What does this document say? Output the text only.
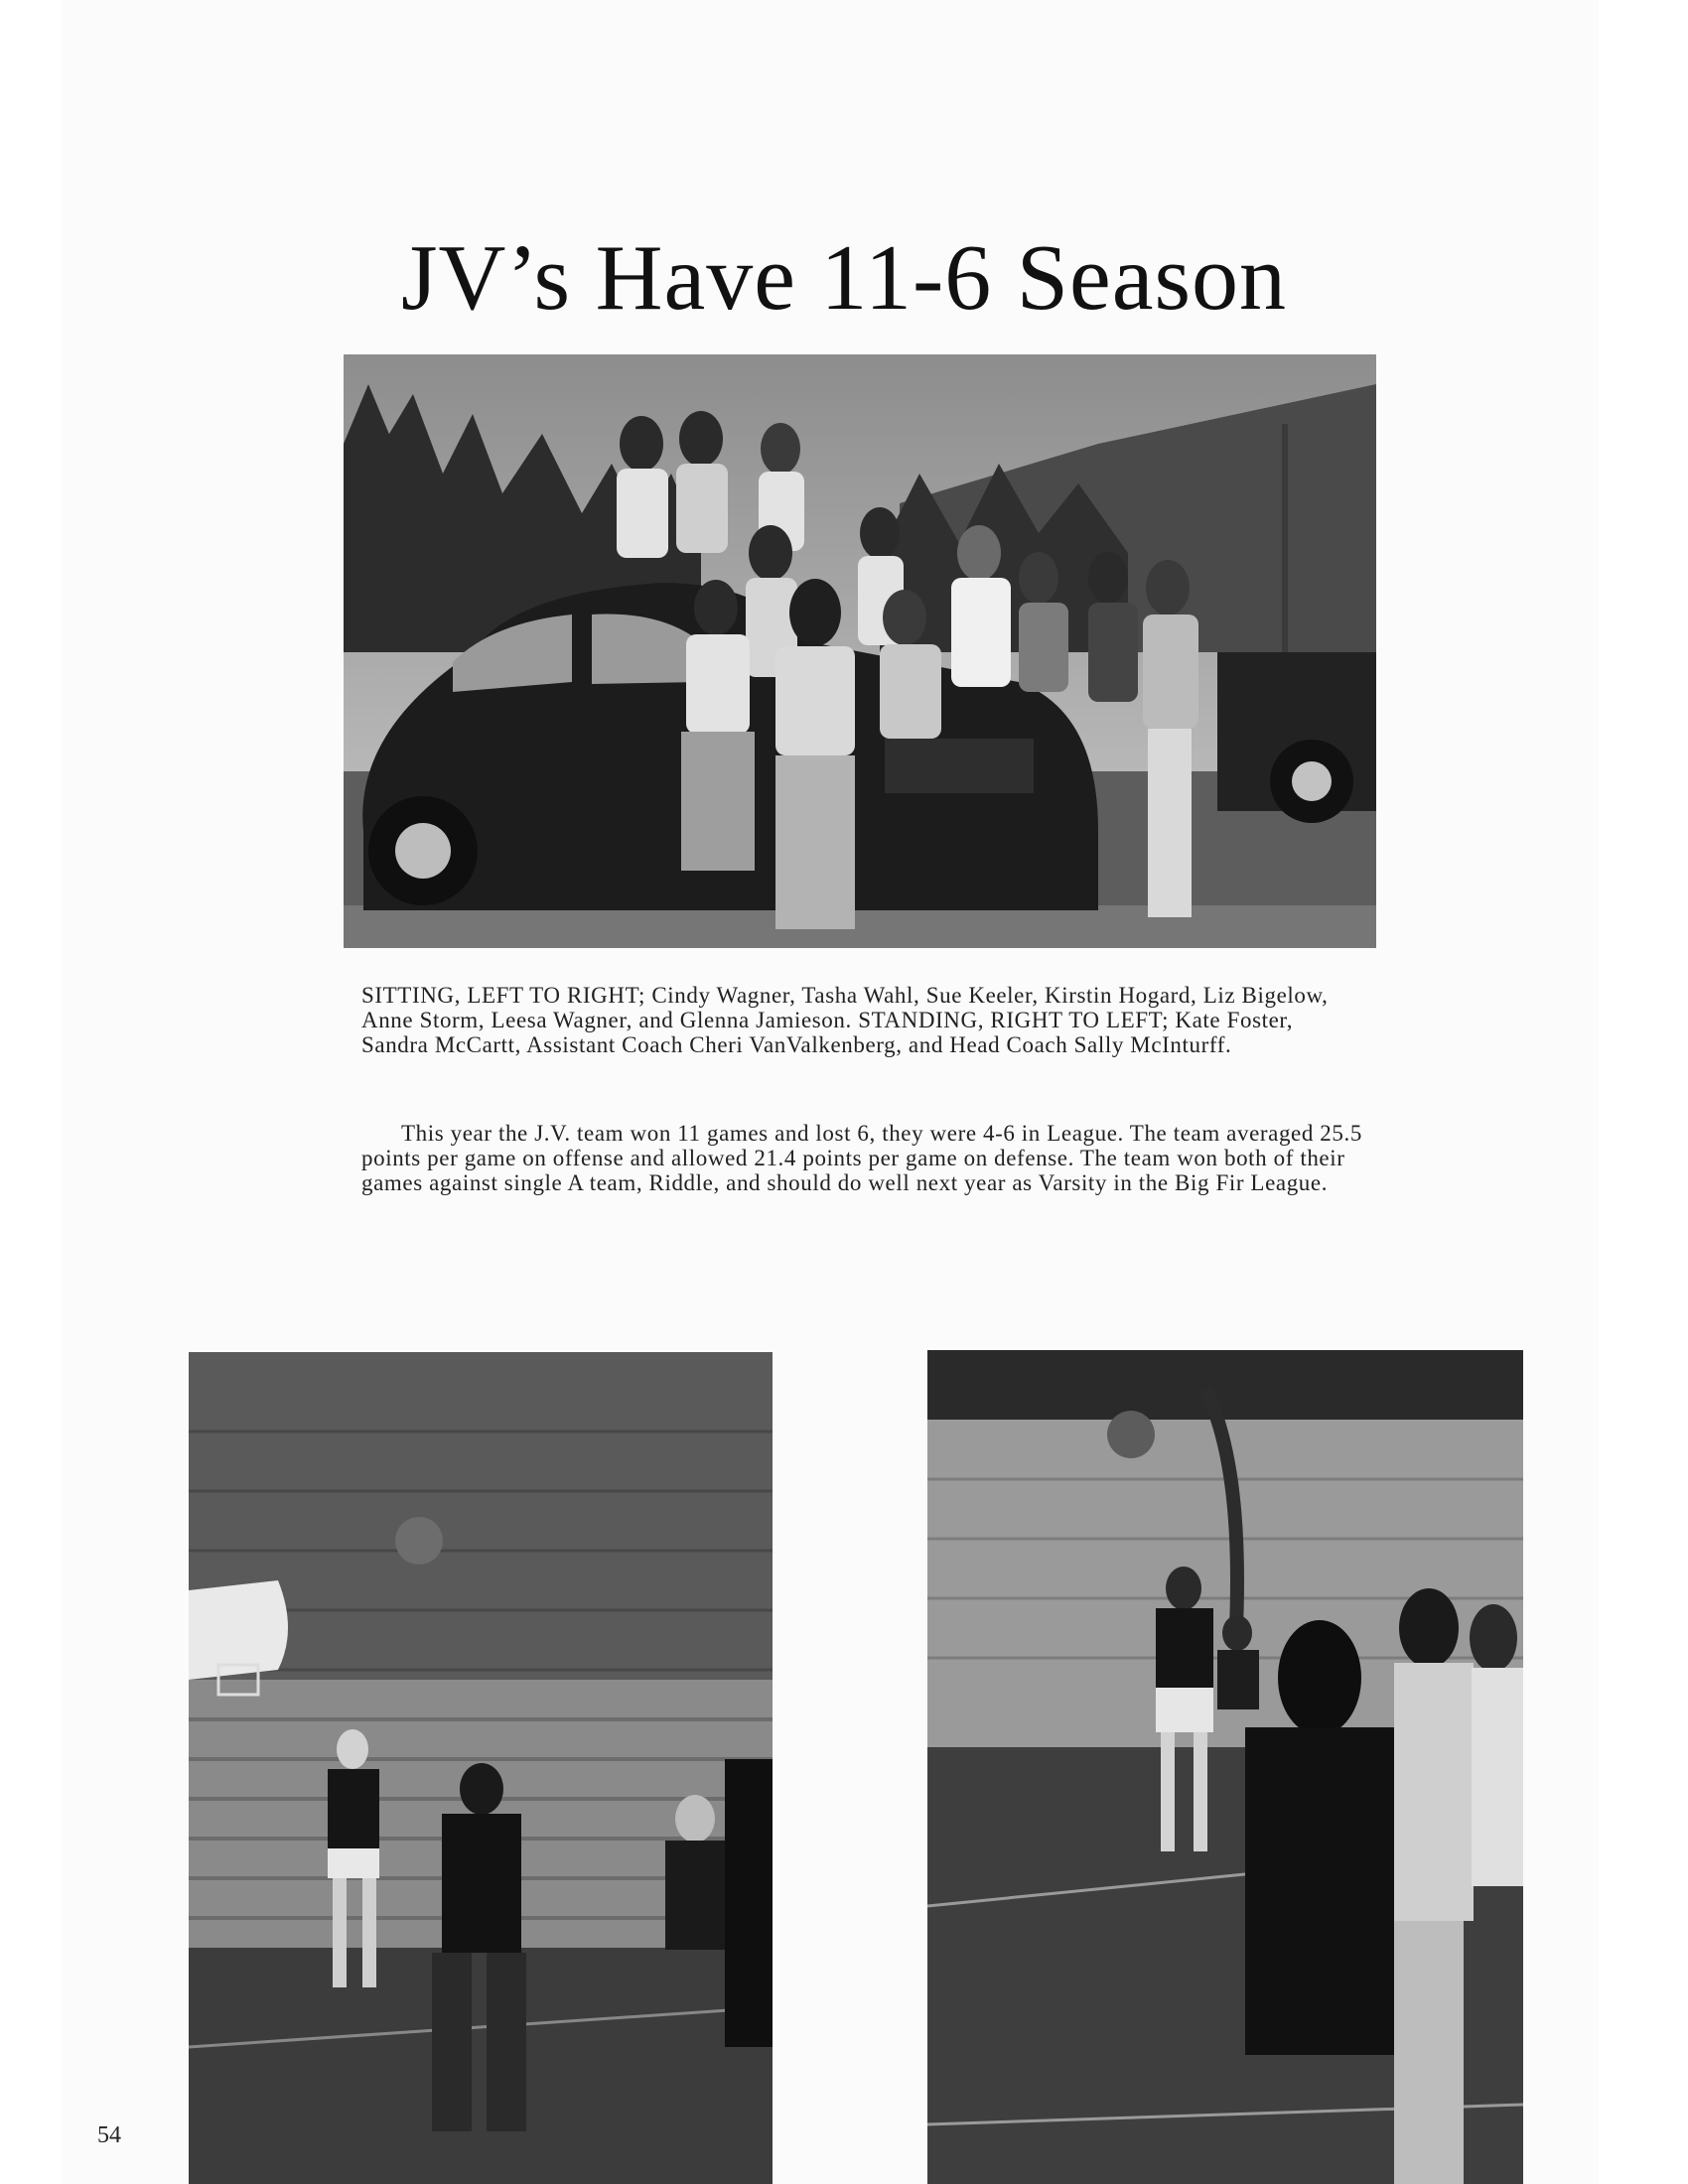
JV’s Have 11-6 Season

SITTING, LEFT TO RIGHT; Cindy Wagner, Tasha Wahl, Sue Keeler, Kirstin Hogard, Liz Bigelow, Anne Storm, Leesa Wagner, and Glenna Jamieson. STANDING, RIGHT TO LEFT; Kate Foster, Sandra McCartt, Assistant Coach Cheri VanValkenberg, and Head Coach Sally McInturff.

This year the J.V. team won 11 games and lost 6, they were 4-6 in League. The team averaged 25.5 points per game on offense and allowed 21.4 points per game on defense. The team won both of their games against single A team, Riddle, and should do well next year as Varsity in the Big Fir League.

54
